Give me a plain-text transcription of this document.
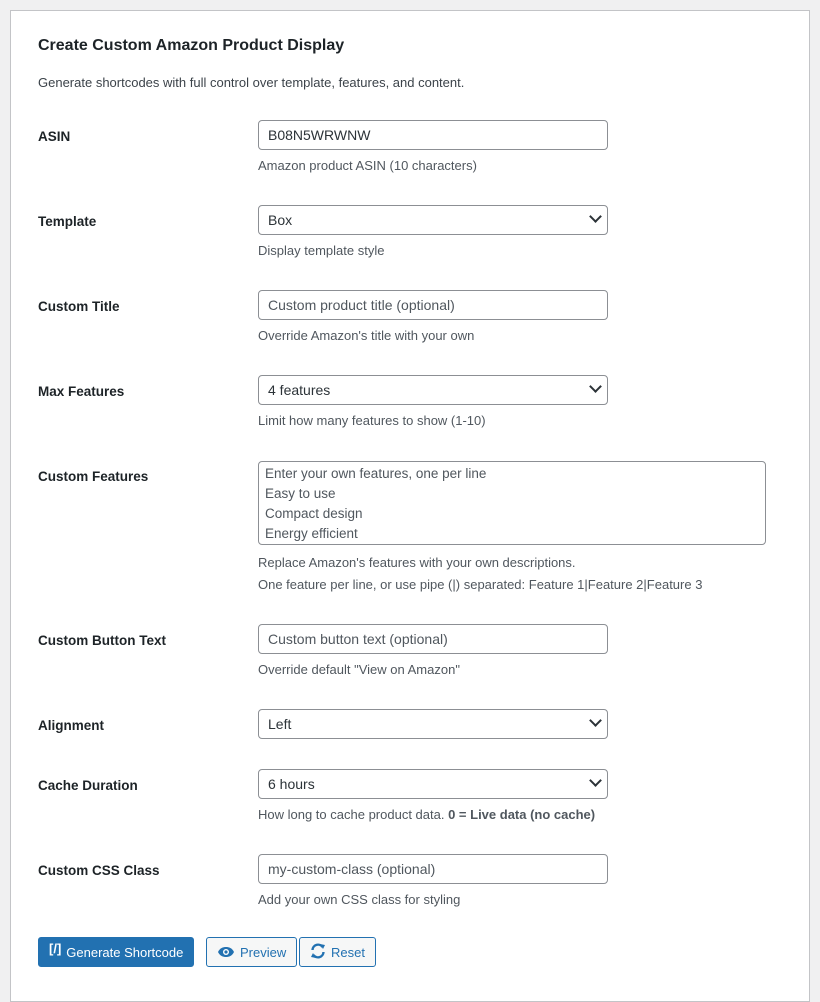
Create Custom Amazon Product Display
Generate shortcodes with full control over template, features, and content.
ASIN	B08N5WRWNW
Amazon product ASIN (10 characters)
Template	Box
Display template style
Custom Title	Custom product title (optional)
Override Amazon's title with your own
Max Features	4 features
Limit how many features to show (1-10)
Custom Features	Enter your own features, one per line
Easy to use
Compact design
Energy efficient
Replace Amazon's features with your own descriptions.
One feature per line, or use pipe (|) separated: Feature 1|Feature 2|Feature 3
Custom Button Text	Custom button text (optional)
Override default "View on Amazon"
Alignment	Left
Cache Duration	6 hours
How long to cache product data. 0 = Live data (no cache)
Custom CSS Class	my-custom-class (optional)
Add your own CSS class for styling
[/] Generate Shortcode	Preview	Reset
